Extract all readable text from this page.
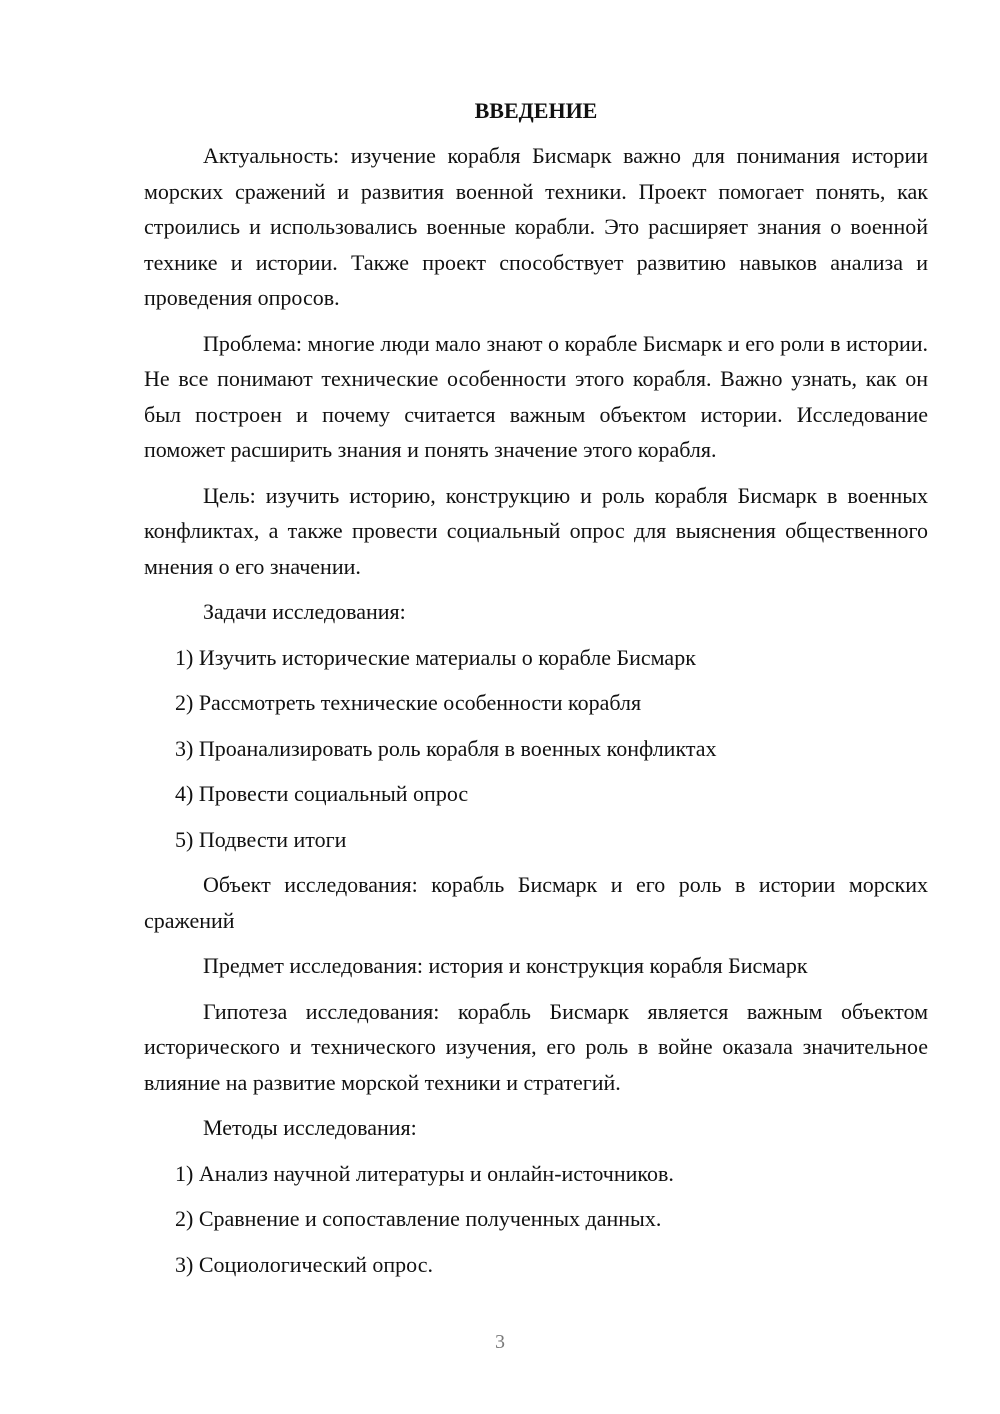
ВВЕДЕНИЕ

Актуальность: изучение корабля Бисмарк важно для понимания истории морских сражений и развития военной техники. Проект помогает понять, как строились и использовались военные корабли. Это расширяет знания о военной технике и истории. Также проект способствует развитию навыков анализа и проведения опросов.

Проблема: многие люди мало знают о корабле Бисмарк и его роли в истории. Не все понимают технические особенности этого корабля. Важно узнать, как он был построен и почему считается важным объектом истории. Исследование поможет расширить знания и понять значение этого корабля.

Цель: изучить историю, конструкцию и роль корабля Бисмарк в военных конфликтах, а также провести социальный опрос для выяснения общественного мнения о его значении.

Задачи исследования:

1) Изучить исторические материалы о корабле Бисмарк

2) Рассмотреть технические особенности корабля

3) Проанализировать роль корабля в военных конфликтах

4) Провести социальный опрос

5) Подвести итоги

Объект исследования: корабль Бисмарк и его роль в истории морских сражений

Предмет исследования: история и конструкция корабля Бисмарк

Гипотеза исследования: корабль Бисмарк является важным объектом исторического и технического изучения, его роль в войне оказала значительное влияние на развитие морской техники и стратегий.

Методы исследования:

1) Анализ научной литературы и онлайн-источников.

2) Сравнение и сопоставление полученных данных.

3) Социологический опрос.

3
